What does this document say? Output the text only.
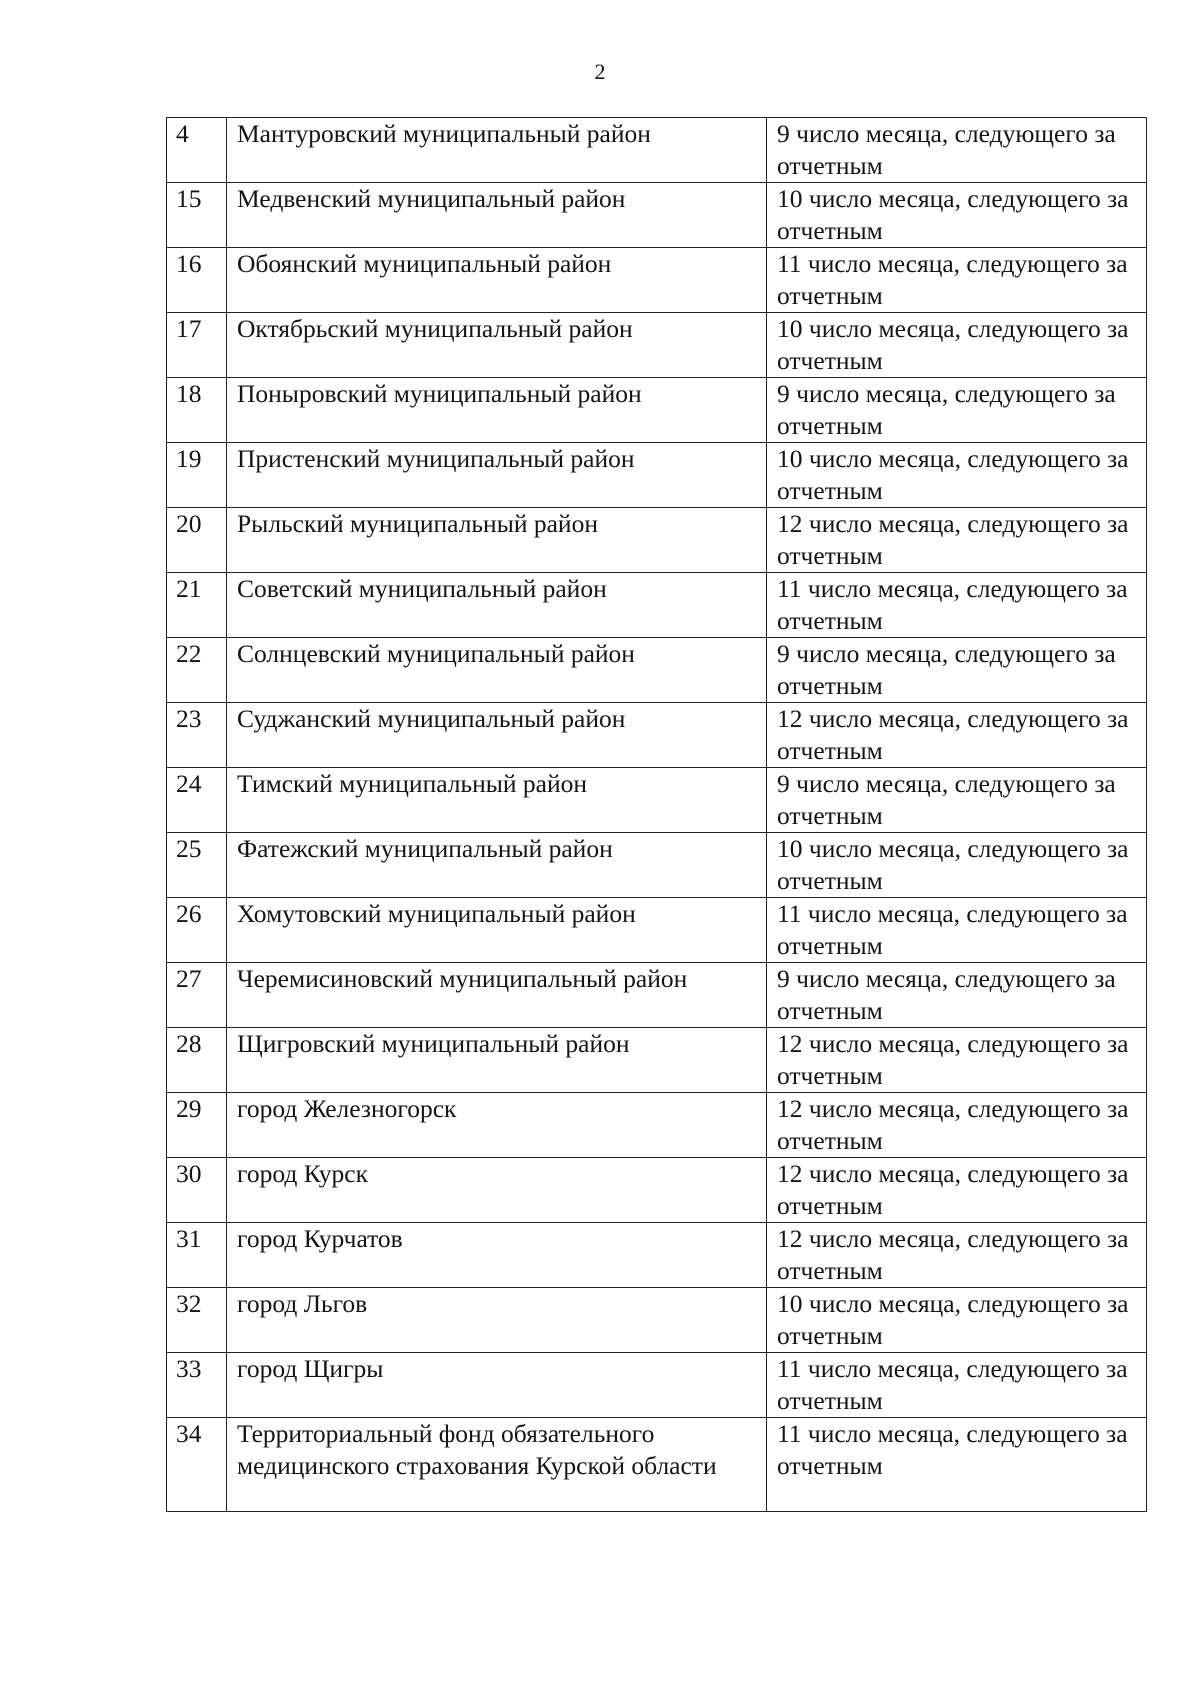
2
4	Мантуровский муниципальный район	9 число месяца, следующего за отчетным
15	Медвенский муниципальный район	10 число месяца, следующего за отчетным
16	Обоянский муниципальный район	11 число месяца, следующего за отчетным
17	Октябрьский муниципальный район	10 число месяца, следующего за отчетным
18	Поныровский муниципальный район	9 число месяца, следующего за отчетным
19	Пристенский муниципальный район	10 число месяца, следующего за отчетным
20	Рыльский муниципальный район	12 число месяца, следующего за отчетным
21	Советский муниципальный район	11 число месяца, следующего за отчетным
22	Солнцевский муниципальный район	9 число месяца, следующего за отчетным
23	Суджанский муниципальный район	12 число месяца, следующего за отчетным
24	Тимский муниципальный район	9 число месяца, следующего за отчетным
25	Фатежский муниципальный район	10 число месяца, следующего за отчетным
26	Хомутовский муниципальный район	11 число месяца, следующего за отчетным
27	Черемисиновский муниципальный район	9 число месяца, следующего за отчетным
28	Щигровский муниципальный район	12 число месяца, следующего за отчетным
29	город Железногорск	12 число месяца, следующего за отчетным
30	город Курск	12 число месяца, следующего за отчетным
31	город Курчатов	12 число месяца, следующего за отчетным
32	город Льгов	10 число месяца, следующего за отчетным
33	город Щигры	11 число месяца, следующего за отчетным
34	Территориальный фонд обязательного медицинского страхования Курской области	11 число месяца, следующего за отчетным
